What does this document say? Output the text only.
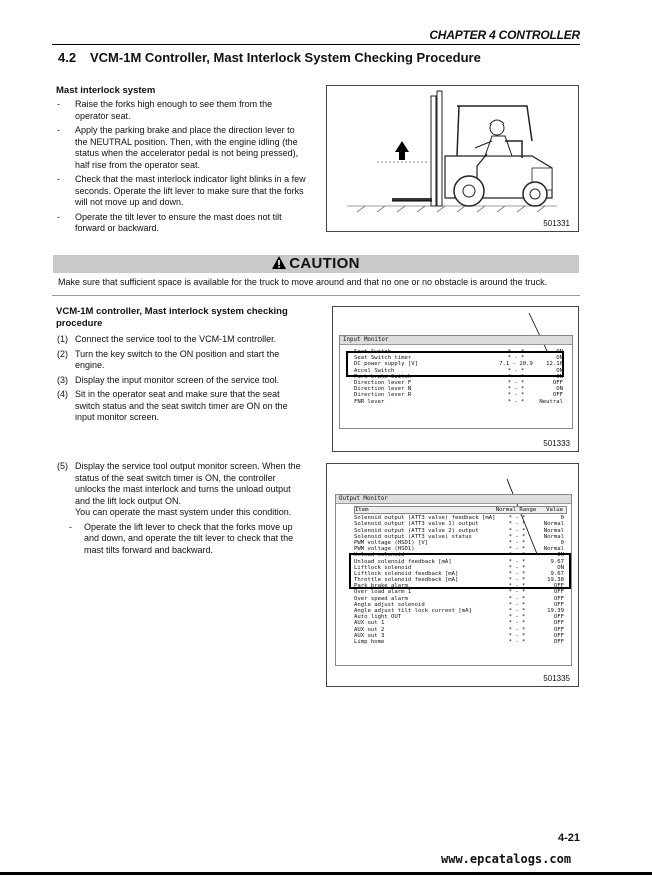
CHAPTER 4 CONTROLLER
4.2 VCM-1M Controller, Mast Interlock System Checking Procedure
Mast interlock system
- Raise the forks high enough to see them from the operator seat.
- Apply the parking brake and place the direction lever to the NEUTRAL position. Then, with the engine idling (the status when the accelerator pedal is not being pressed), half rise from the operator seat.
- Check that the mast interlock indicator light blinks in a few seconds. Operate the lift lever to make sure that the forks will not move up and down.
- Operate the tilt lever to ensure the mast does not tilt forward or backward.	501331
CAUTION
Make sure that sufficient space is available for the truck to move around and that no one or no obstacle is around the truck.
VCM-1M controller, Mast interlock system checking
procedure
(1) Connect the service tool to the VCM-1M controller.
(2) Turn the key switch to the ON position and start the engine.
(3) Display the input monitor screen of the service tool.
(4) Sit in the operator seat and make sure that the seat switch status and the seat switch timer are ON on the input monitor screen.
(5) Display the service tool output monitor screen. When the status of the seat switch timer is ON, the controller unlocks the mast interlock and turns the unload output and the lift lock output ON.
You can operate the mast system under this condition.
- Operate the lift lever to check that the forks move up and down, and operate the tilt lever to check that the mast tilts forward and backward.
Input Monitor
Seat Switch	* - *	ON
Seat Switch timer	* - *	ON
DC power supply [V]	7.1 - 20.9	12.16
Accel Switch	* - *	ON
Park brake Switch	* - *	ON
Direction lever F	* - *	OFF
Direction lever N	* - *	ON
Direction lever R	* - *	OFF
FNR lever	* - *	Neutral
501333
Output Monitor
Item	Normal Range	Value
Solenoid output (ATT3 valve) feedback [mA]	* - *	0
Solenoid output (ATT3 valve 1) output	* - *	Normal
Solenoid output (ATT3 valve 2) output	* - *	Normal
Solenoid output (ATT3 valve) status	* - *	Normal
PWM voltage (HSD1) [V]	* - *	0
PWM voltage (HSD1)	* - *	Normal
Unload solenoid	* - *	ON
Unload solenoid feedback [mA]	* - *	9.67
Liftlock solenoid	* - *	ON
Liftlock solenoid feedback [mA]	* - *	9.67
Throttle solenoid feedback [mA]	* - *	19.38
Park brake alarm	* - *	OFF
Over load alarm 1	* - *	OFF
Over speed alarm	* - *	OFF
Angle adjust solenoid	* - *	OFF
Angle adjust tilt lock current [mA]	* - *	19.39
Auto light OUT	* - *	OFF
AUX out 1	* - *	OFF
AUX out 2	* - *	OFF
AUX out 3	* - *	OFF
Limp home	* - *	OFF
501335
4-21
www.epcatalogs.com
